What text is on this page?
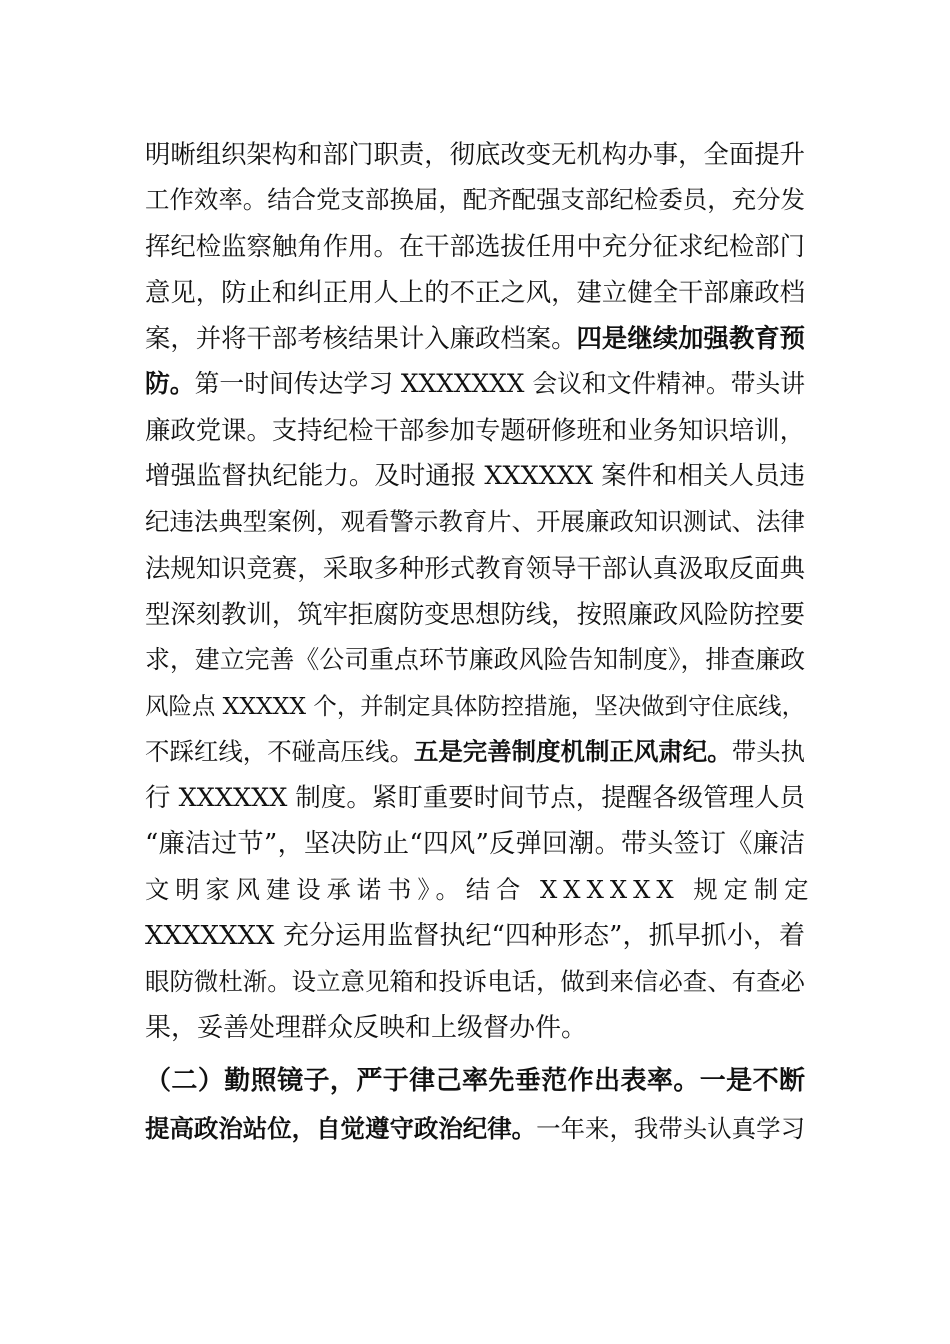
明晰组织架构和部门职责，彻底改变无机构办事，全面提升
工作效率。结合党支部换届，配齐配强支部纪检委员，充分发
挥纪检监察触角作用。在干部选拔任用中充分征求纪检部门
意见，防止和纠正用人上的不正之风，建立健全干部廉政档
案，并将干部考核结果计入廉政档案。四是继续加强教育预
防。第一时间传达学习 XXXXXXX 会议和文件精神。带头讲
廉政党课。支持纪检干部参加专题研修班和业务知识培训，
增强监督执纪能力。及时通报 XXXXXX 案件和相关人员违
纪违法典型案例，观看警示教育片、开展廉政知识测试、法律
法规知识竞赛，采取多种形式教育领导干部认真汲取反面典
型深刻教训，筑牢拒腐防变思想防线，按照廉政风险防控要
求，建立完善《公司重点环节廉政风险告知制度》，排查廉政
风险点 XXXXX 个，并制定具体防控措施，坚决做到守住底线，
不踩红线，不碰高压线。五是完善制度机制正风肃纪。带头执
行 XXXXXX 制度。紧盯重要时间节点，提醒各级管理人员
“廉洁过节”，坚决防止“四风”反弹回潮。带头签订《廉洁
文明家风建设承诺书》。结合 XXXXXX 规定制定
XXXXXXX 充分运用监督执纪“四种形态”，抓早抓小，着
眼防微杜渐。设立意见箱和投诉电话，做到来信必查、有查必
果，妥善处理群众反映和上级督办件。
（二）勤照镜子，严于律己率先垂范作出表率。一是不断
提高政治站位，自觉遵守政治纪律。一年来，我带头认真学习
